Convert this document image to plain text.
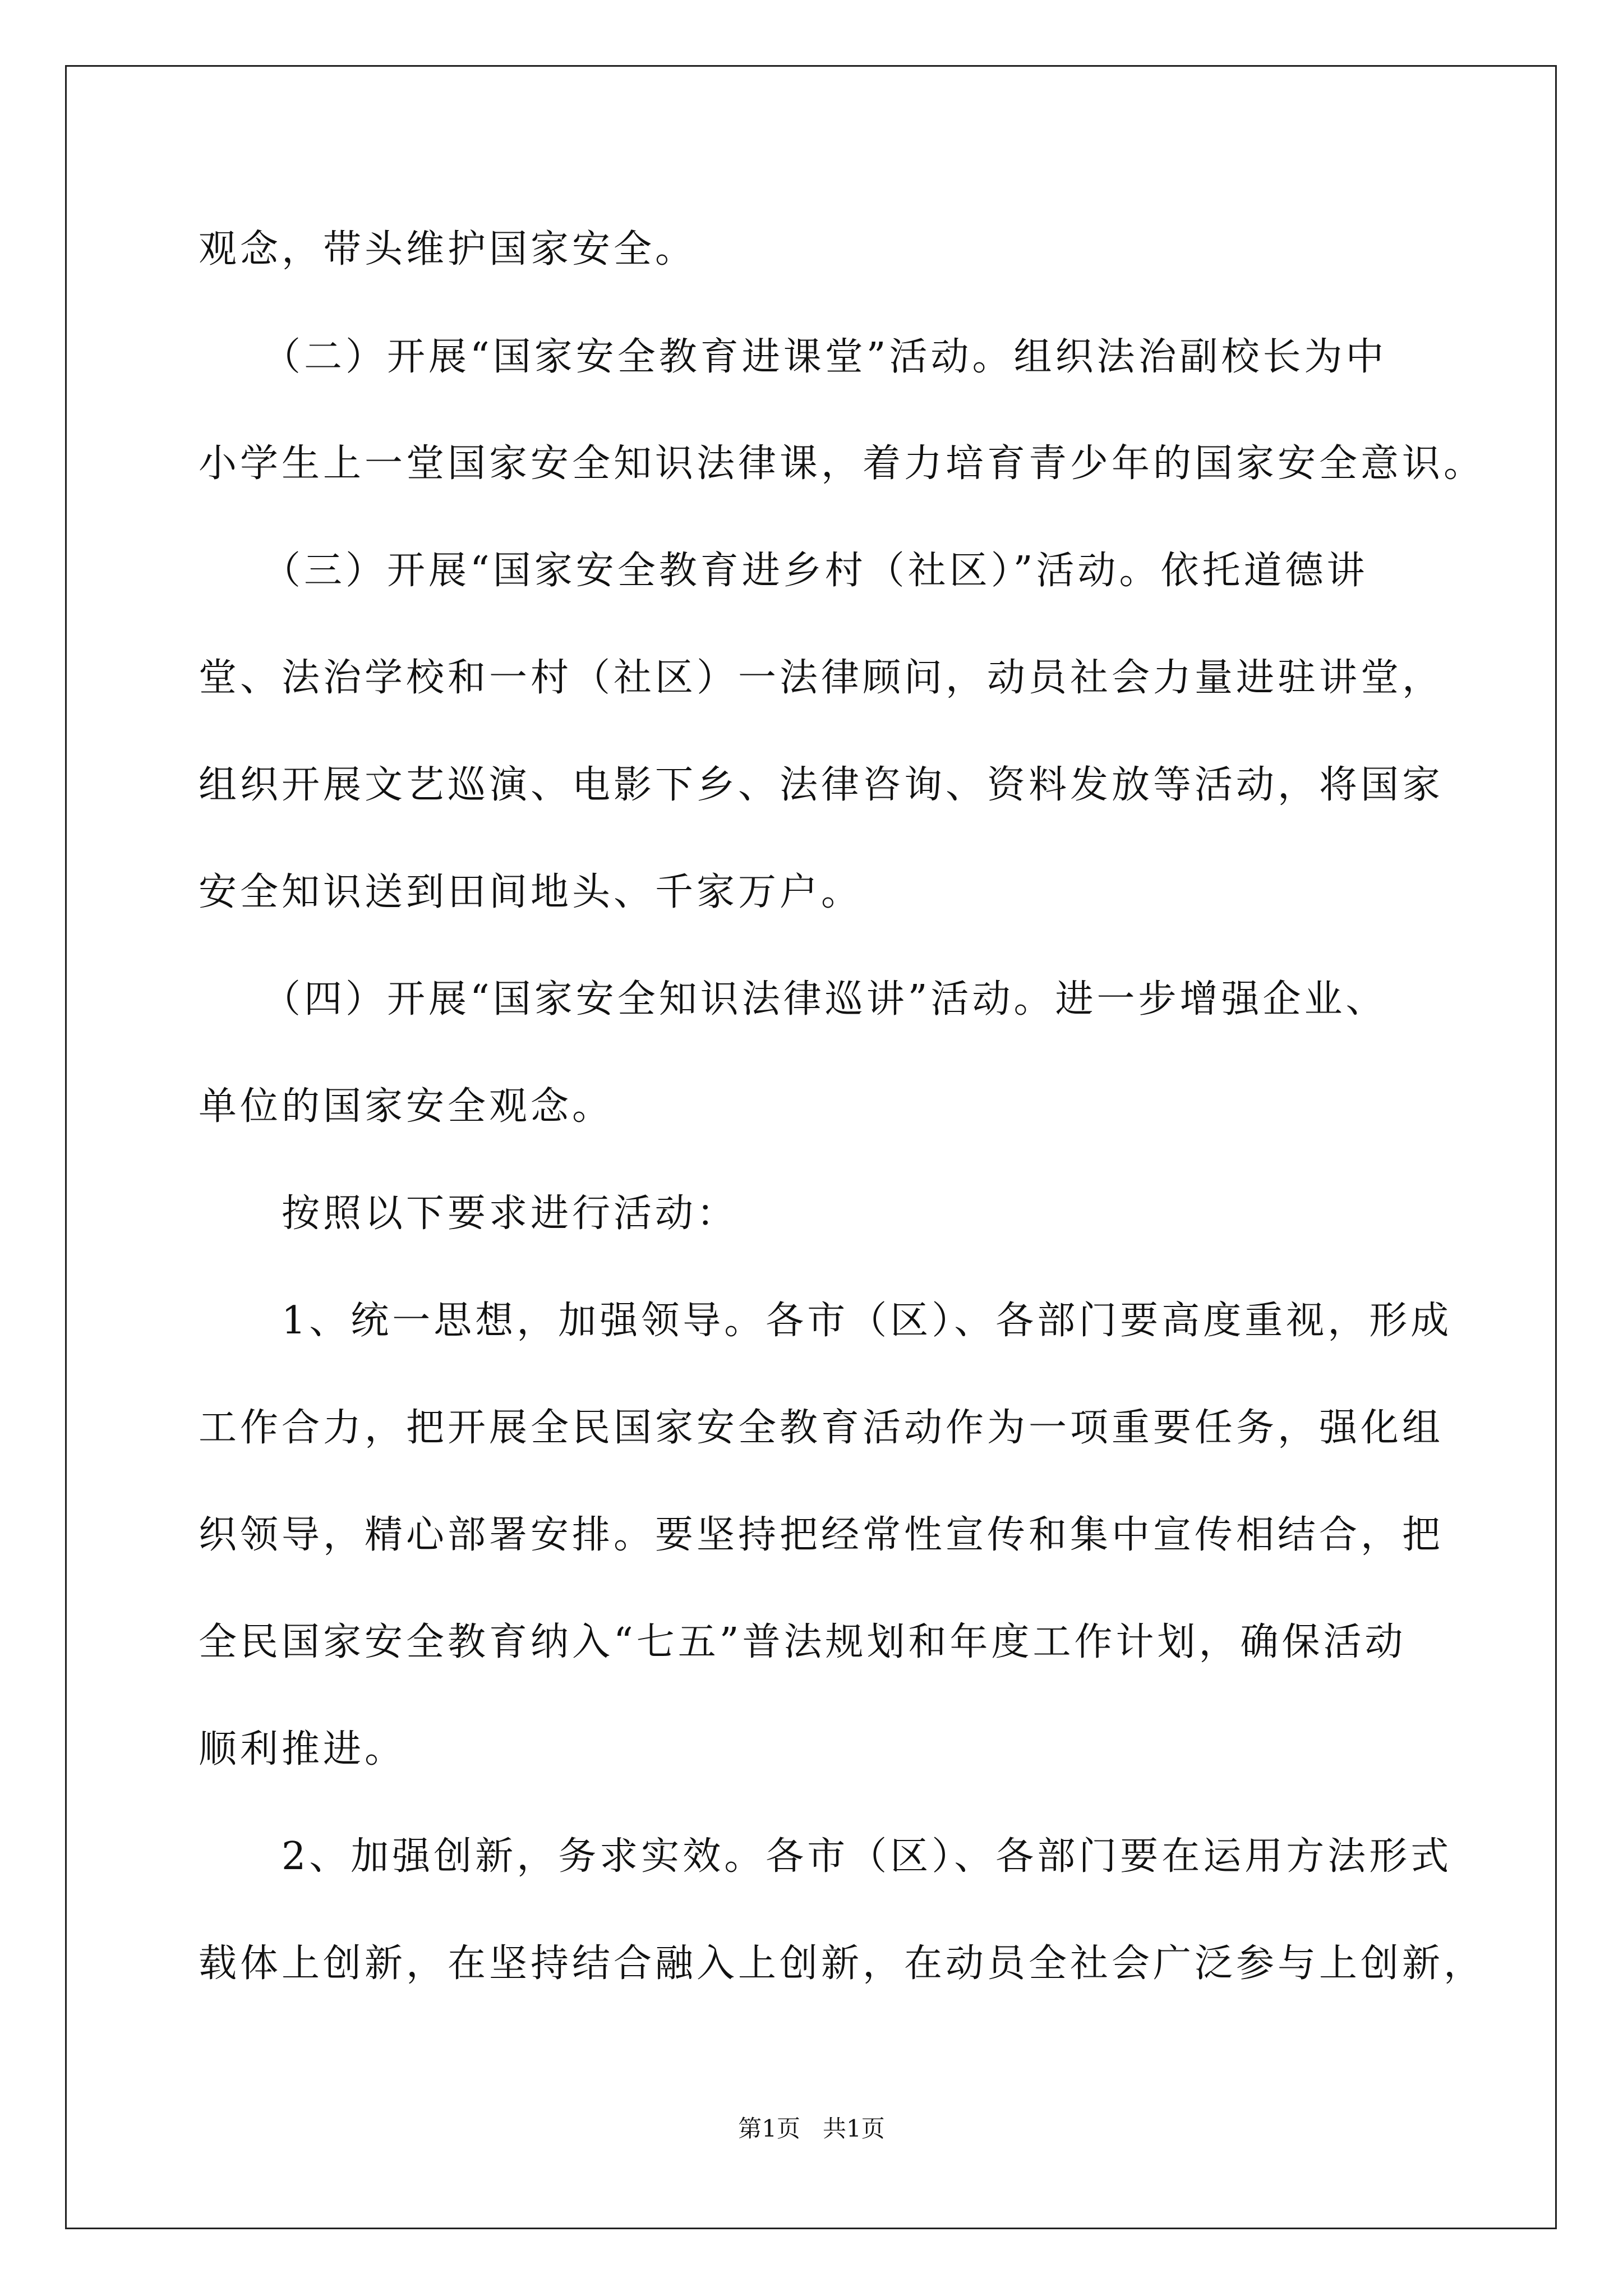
观念，带头维护国家安全。
　　（二）开展“国家安全教育进课堂”活动。组织法治副校长为中
小学生上一堂国家安全知识法律课，着力培育青少年的国家安全意识。
　　（三）开展“国家安全教育进乡村（社区）”活动。依托道德讲
堂、法治学校和一村（社区）一法律顾问，动员社会力量进驻讲堂，
组织开展文艺巡演、电影下乡、法律咨询、资料发放等活动，将国家
安全知识送到田间地头、千家万户。
　　（四）开展“国家安全知识法律巡讲”活动。进一步增强企业、
单位的国家安全观念。
　　按照以下要求进行活动：
　　1、统一思想，加强领导。各市（区）、各部门要高度重视，形成
工作合力，把开展全民国家安全教育活动作为一项重要任务，强化组
织领导，精心部署安排。要坚持把经常性宣传和集中宣传相结合，把
全民国家安全教育纳入“七五”普法规划和年度工作计划，确保活动
顺利推进。
　　2、加强创新，务求实效。各市（区）、各部门要在运用方法形式
载体上创新，在坚持结合融入上创新，在动员全社会广泛参与上创新，
第1页 共1页
